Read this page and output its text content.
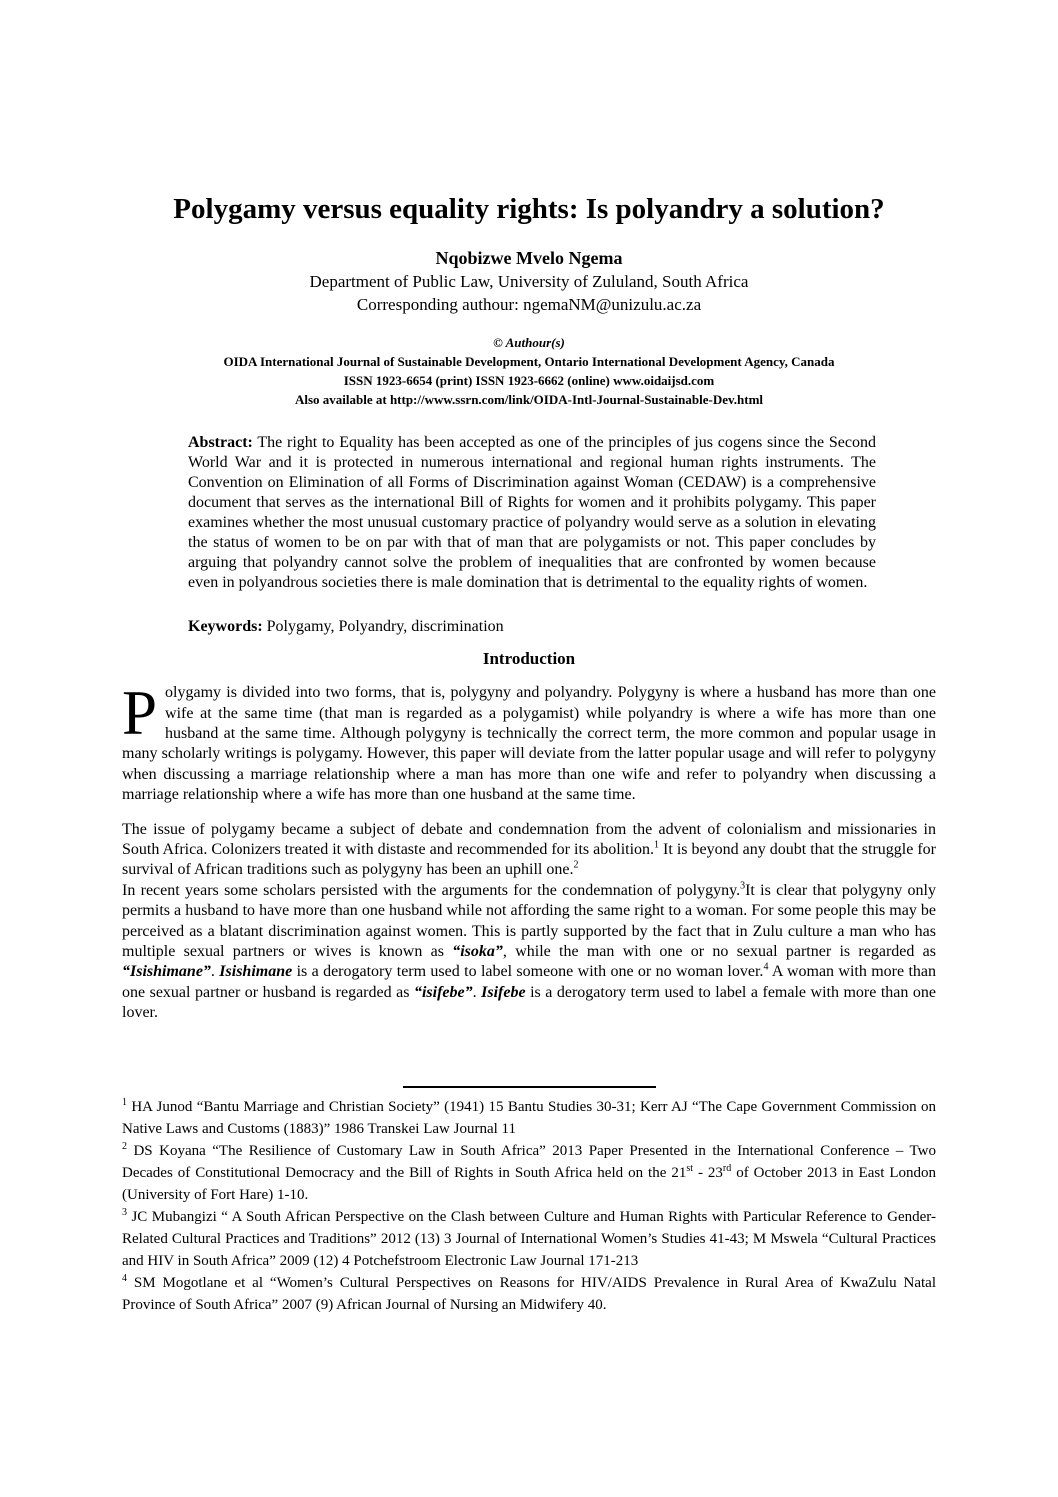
Polygamy versus equality rights: Is polyandry a solution?
Nqobizwe Mvelo Ngema
Department of Public Law, University of Zululand, South Africa
Corresponding authour: ngemaNM@unizulu.ac.za
© Authour(s)
OIDA International Journal of Sustainable Development, Ontario International Development Agency, Canada
ISSN 1923-6654 (print) ISSN 1923-6662 (online) www.oidaijsd.com
Also available at http://www.ssrn.com/link/OIDA-Intl-Journal-Sustainable-Dev.html

Abstract: The right to Equality has been accepted as one of the principles of jus cogens since the Second World War and it is protected in numerous international and regional human rights instruments. The Convention on Elimination of all Forms of Discrimination against Woman (CEDAW) is a comprehensive document that serves as the international Bill of Rights for women and it prohibits polygamy. This paper examines whether the most unusual customary practice of polyandry would serve as a solution in elevating the status of women to be on par with that of man that are polygamists or not. This paper concludes by arguing that polyandry cannot solve the problem of inequalities that are confronted by women because even in polyandrous societies there is male domination that is detrimental to the equality rights of women.

Keywords: Polygamy, Polyandry, discrimination

Introduction

Polygamy is divided into two forms, that is, polygyny and polyandry. Polygyny is where a husband has more than one wife at the same time (that man is regarded as a polygamist) while polyandry is where a wife has more than one husband at the same time. Although polygyny is technically the correct term, the more common and popular usage in many scholarly writings is polygamy. However, this paper will deviate from the latter popular usage and will refer to polygyny when discussing a marriage relationship where a man has more than one wife and refer to polyandry when discussing a marriage relationship where a wife has more than one husband at the same time.

The issue of polygamy became a subject of debate and condemnation from the advent of colonialism and missionaries in South Africa. Colonizers treated it with distaste and recommended for its abolition.$^1$ It is beyond any doubt that the struggle for survival of African traditions such as polygyny has been an uphill one.$^2$

In recent years some scholars persisted with the arguments for the condemnation of polygyny.$^3$It is clear that polygyny only permits a husband to have more than one husband while not affording the same right to a woman. For some people this may be perceived as a blatant discrimination against women. This is partly supported by the fact that in Zulu culture a man who has multiple sexual partners or wives is known as “isoka”, while the man with one or no sexual partner is regarded as “Isishimane”. Isishimane is a derogatory term used to label someone with one or no woman lover.$^4$ A woman with more than one sexual partner or husband is regarded as “isifebe”. Isifebe is a derogatory term used to label a female with more than one lover.

$^1$ HA Junod “Bantu Marriage and Christian Society” (1941) 15 Bantu Studies 30-31; Kerr AJ “The Cape Government Commission on Native Laws and Customs (1883)” 1986 Transkei Law Journal 11

$^2$ DS Koyana “The Resilience of Customary Law in South Africa” 2013 Paper Presented in the International Conference – Two Decades of Constitutional Democracy and the Bill of Rights in South Africa held on the 21st - 23rd of October 2013 in East London (University of Fort Hare) 1-10.

$^3$ JC Mubangizi “ A South African Perspective on the Clash between Culture and Human Rights with Particular Reference to Gender-Related Cultural Practices and Traditions” 2012 (13) 3 Journal of International Women’s Studies 41-43; M Mswela “Cultural Practices and HIV in South Africa” 2009 (12) 4 Potchefstroom Electronic Law Journal 171-213

$^4$ SM Mogotlane et al “Women’s Cultural Perspectives on Reasons for HIV/AIDS Prevalence in Rural Area of KwaZulu Natal Province of South Africa” 2007 (9) African Journal of Nursing an Midwifery 40.
